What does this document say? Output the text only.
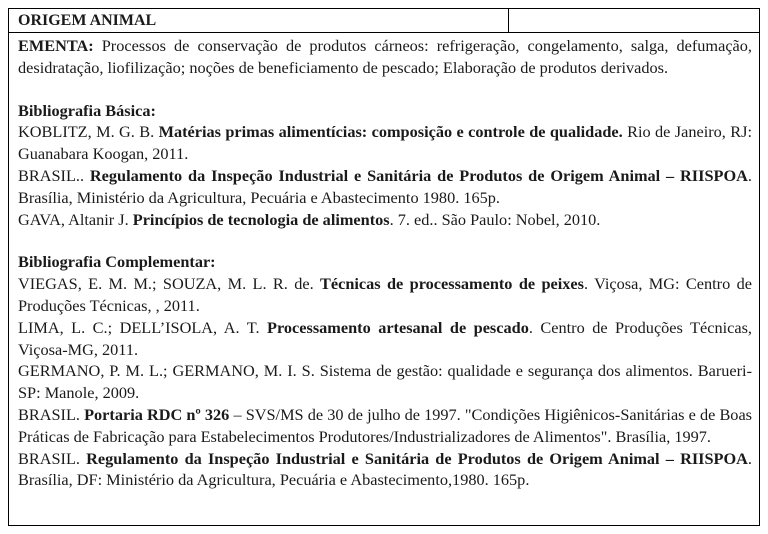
ORIGEM ANIMAL

EMENTA: Processos de conservação de produtos cárneos: refrigeração, congelamento, salga, defumação, desidratação, liofilização; noções de beneficiamento de pescado; Elaboração de produtos derivados.

Bibliografia Básica:

KOBLITZ, M. G. B. Matérias primas alimentícias: composição e controle de qualidade. Rio de Janeiro, RJ: Guanabara Koogan, 2011.

BRASIL.. Regulamento da Inspeção Industrial e Sanitária de Produtos de Origem Animal – RIISPOA. Brasília, Ministério da Agricultura, Pecuária e Abastecimento 1980. 165p.

GAVA, Altanir J. Princípios de tecnologia de alimentos. 7. ed.. São Paulo: Nobel, 2010.

Bibliografia Complementar:

VIEGAS, E. M. M.; SOUZA, M. L. R. de. Técnicas de processamento de peixes. Viçosa, MG: Centro de Produções Técnicas, , 2011.

LIMA, L. C.; DELL’ISOLA, A. T. Processamento artesanal de pescado. Centro de Produções Técnicas, Viçosa-MG, 2011.

GERMANO, P. M. L.; GERMANO, M. I. S. Sistema de gestão: qualidade e segurança dos alimentos. Barueri-SP: Manole, 2009.

BRASIL. Portaria RDC nº 326 – SVS/MS de 30 de julho de 1997. "Condições Higiênicos-Sanitárias e de Boas Práticas de Fabricação para Estabelecimentos Produtores/Industrializadores de Alimentos". Brasília, 1997.

BRASIL. Regulamento da Inspeção Industrial e Sanitária de Produtos de Origem Animal – RIISPOA. Brasília, DF: Ministério da Agricultura, Pecuária e Abastecimento,1980. 165p.
